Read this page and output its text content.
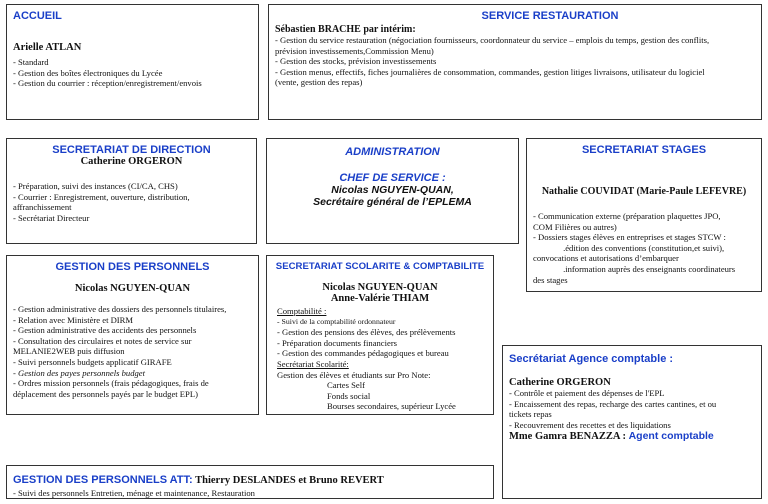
ACCUEIL
Arielle ATLAN
- Standard
- Gestion des boîtes électroniques du Lycée
- Gestion du courrier : réception/enregistrement/envois
SERVICE RESTAURATION
Sébastien BRACHE par intérim:
- Gestion du service restauration (négociation fournisseurs, coordonnateur du service – emplois du temps, gestion des conflits,
prévision investissements,Commission Menu)
- Gestion des stocks, prévision investissements
- Gestion menus, effectifs, fiches journalières de consommation, commandes, gestion litiges livraisons, utilisateur du logiciel
(vente, gestion des repas)
SECRETARIAT DE DIRECTION
Catherine ORGERON
- Préparation, suivi des instances (CI/CA, CHS)
- Courrier : Enregistrement, ouverture, distribution,
affranchissement
- Secrétariat Directeur
ADMINISTRATION
CHEF DE SERVICE :
Nicolas NGUYEN-QUAN,
Secrétaire général de l’EPLEMA
SECRETARIAT STAGES
Nathalie COUVIDAT (Marie-Paule LEFEVRE)
- Communication externe (préparation plaquettes JPO,
COM Filières ou autres)
- Dossiers stages élèves en entreprises et stages STCW :
.édition des conventions (constitution,et suivi),
convocations et autorisations d’embarquer
.information auprès des enseignants coordinateurs
des stages
GESTION DES PERSONNELS
Nicolas NGUYEN-QUAN
- Gestion administrative des dossiers des personnels titulaires,
- Relation avec Ministère et DIRM
- Gestion administrative des accidents des personnels
- Consultation des circulaires et notes de service sur
MELANIE2WEB puis diffusion
- Suivi personnels budgets applicatif GIRAFE
- Gestion des payes personnels budget
- Ordres mission personnels (frais pédagogiques, frais de
déplacement des personnels payés par le budget EPL)
SECRETARIAT SCOLARITE & COMPTABILITE
Nicolas NGUYEN-QUAN
Anne-Valérie THIAM
Comptabilité :
- Suivi de la comptabilité ordonnateur
- Gestion des pensions des élèves, des prélèvements
- Préparation documents financiers
- Gestion des commandes pédagogiques et bureau
Secrétariat Scolarité:
Gestion des élèves et étudiants sur Pro Note:
Cartes Self
Fonds social
Bourses secondaires, supérieur Lycée
Secrétariat Agence comptable :
Catherine ORGERON
- Contrôle et paiement des dépenses de l'EPL
- Encaissement des repas, recharge des cartes cantines, et ou
tickets repas
- Recouvrement des recettes et des liquidations
Mme Gamra BENAZZA : Agent comptable
GESTION DES PERSONNELS ATT: Thierry DESLANDES et Bruno REVERT
- Suivi des personnels Entretien, ménage et maintenance, Restauration
